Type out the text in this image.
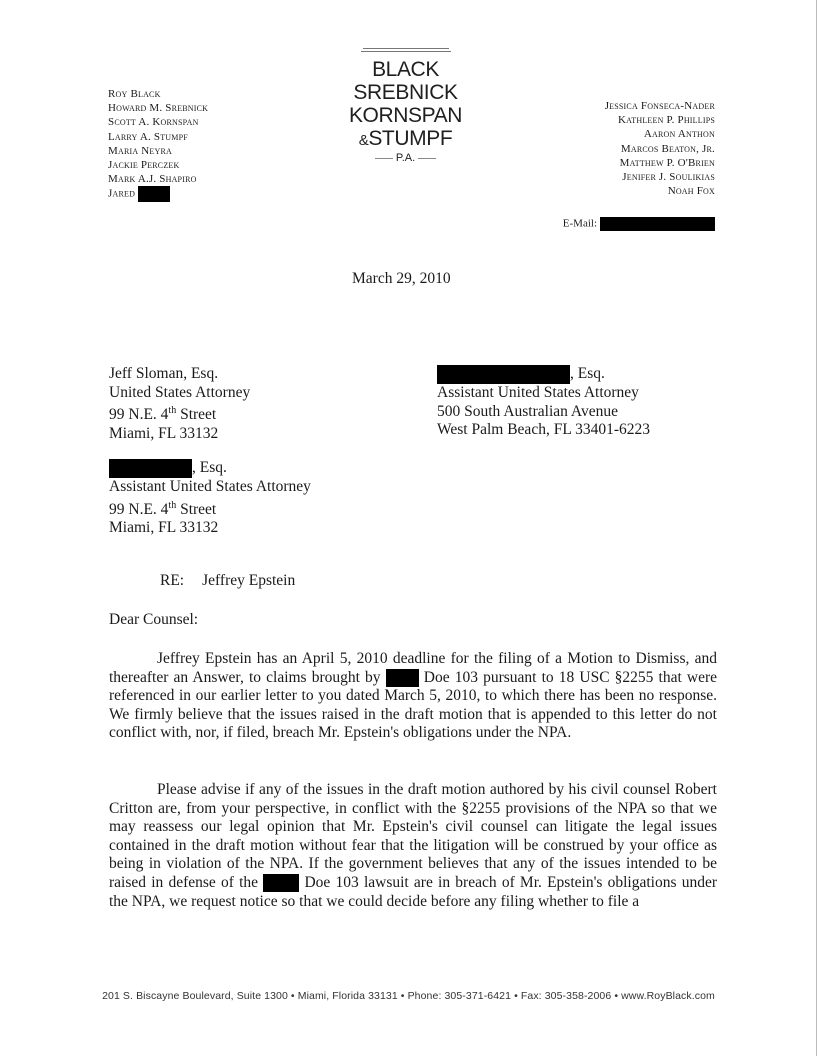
Roy Black
Howard M. Srebnick
Scott A. Kornspan
Larry A. Stumpf
Maria Neyra
Jackie Perczek
Mark A.J. Shapiro
Jared
BLACK
SREBNICK
KORNSPAN
&STUMPF
P.A.
Jessica Fonseca-Nader
Kathleen P. Phillips
Aaron Anthon
Marcos Beaton, Jr.
Matthew P. O'Brien
Jenifer J. Soulikias
Noah Fox
E-Mail:
March 29, 2010
Jeff Sloman, Esq.
United States Attorney
99 N.E. 4th Street
Miami, FL 33132
, Esq.
Assistant United States Attorney
500 South Australian Avenue
West Palm Beach, FL 33401-6223
, Esq.
Assistant United States Attorney
99 N.E. 4th Street
Miami, FL 33132
RE: Jeffrey Epstein
Dear Counsel:
Jeffrey Epstein has an April 5, 2010 deadline for the filing of a Motion to Dismiss, and thereafter an Answer, to claims brought by	Doe 103 pursuant to 18 USC §2255 that were referenced in our earlier letter to you dated March 5, 2010, to which there has been no response. We firmly believe that the issues raised in the draft motion that is appended to this letter do not conflict with, nor, if filed, breach Mr. Epstein's obligations under the NPA.
Please advise if any of the issues in the draft motion authored by his civil counsel Robert Critton are, from your perspective, in conflict with the §2255 provisions of the NPA so that we may reassess our legal opinion that Mr. Epstein's civil counsel can litigate the legal issues contained in the draft motion without fear that the litigation will be construed by your office as being in violation of the NPA. If the government believes that any of the issues intended to be raised in defense of the	Doe 103 lawsuit are in breach of Mr. Epstein's obligations under the NPA, we request notice so that we could decide before any filing whether to file a
201 S. Biscayne Boulevard, Suite 1300 • Miami, Florida 33131 • Phone: 305-371-6421 • Fax: 305-358-2006 • www.RoyBlack.com
